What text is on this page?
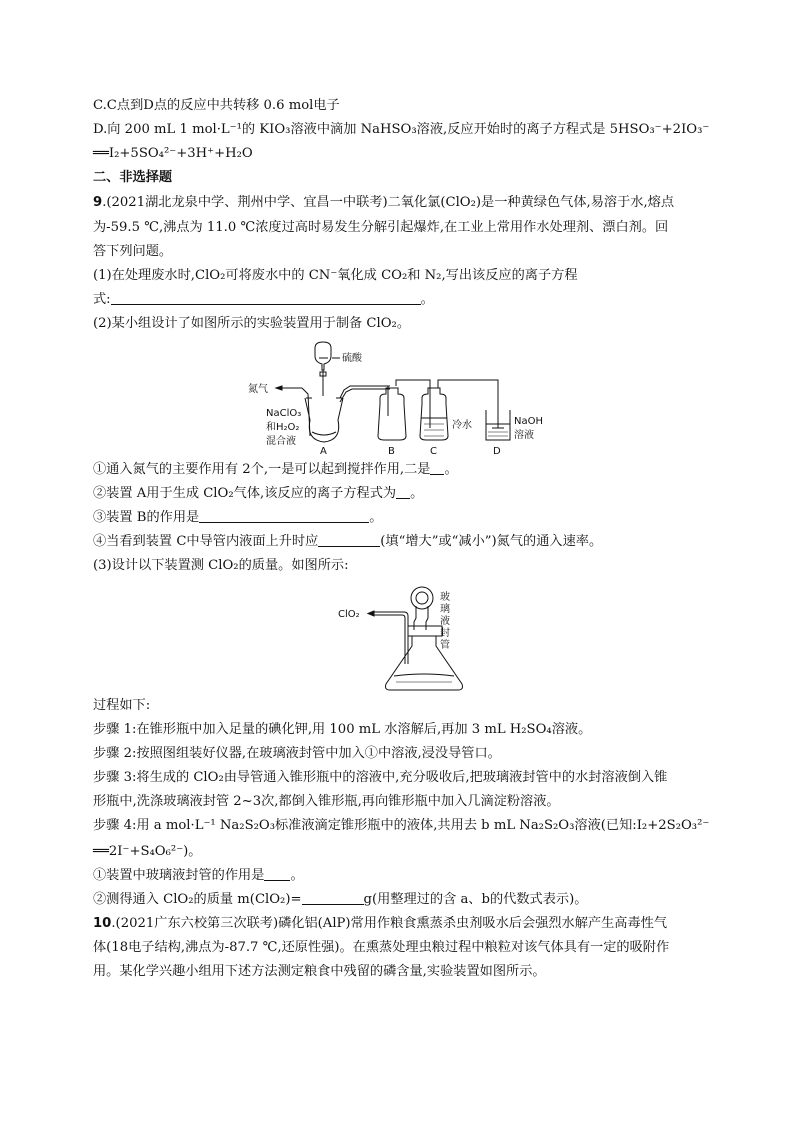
C.C点到D点的反应中共转移 0.6 mol电子
D.向 200 mL 1 mol·L⁻¹的 KIO₃溶液中滴加 NaHSO₃溶液,反应开始时的离子方程式是 5HSO₃⁻+2IO₃⁻
══I₂+5SO₄²⁻+3H⁺+H₂O
二、非选择题
9.(2021湖北龙泉中学、荆州中学、宜昌一中联考)二氧化氯(ClO₂)是一种黄绿色气体,易溶于水,熔点
为-59.5 ℃,沸点为 11.0 ℃浓度过高时易发生分解引起爆炸,在工业上常用作水处理剂、漂白剂。回
答下列问题。
(1)在处理废水时,ClO₂可将废水中的 CN⁻氧化成 CO₂和 N₂,写出该反应的离子方程
式:	。
(2)某小组设计了如图所示的实验装置用于制备 ClO₂。
硫酸
氮气
NaClO₃
和H₂O₂
混合液
A	B	C
冷水
D
NaOH
溶液
①通入氮气的主要作用有 2个,一是可以起到搅拌作用,二是 。
②装置 A用于生成 ClO₂气体,该反应的离子方程式为 。
③装置 B的作用是	。
④当看到装置 C中导管内液面上升时应	(填“增大”或“减小”)氮气的通入速率。
(3)设计以下装置测 ClO₂的质量。如图所示:
ClO₂
玻
璃
液
封
管
过程如下:
步骤 1:在锥形瓶中加入足量的碘化钾,用 100 mL 水溶解后,再加 3 mL H₂SO₄溶液。
步骤 2:按照图组装好仪器,在玻璃液封管中加入①中溶液,浸没导管口。
步骤 3:将生成的 ClO₂由导管通入锥形瓶中的溶液中,充分吸收后,把玻璃液封管中的水封溶液倒入锥
形瓶中,洗涤玻璃液封管 2~3次,都倒入锥形瓶,再向锥形瓶中加入几滴淀粉溶液。
步骤 4:用 a mol·L⁻¹ Na₂S₂O₃标准液滴定锥形瓶中的液体,共用去 b mL Na₂S₂O₃溶液(已知:I₂+2S₂O₃²⁻
══2I⁻+S₄O₆²⁻)。
①装置中玻璃液封管的作用是 。
②测得通入 ClO₂的质量 m(ClO₂)=	g(用整理过的含 a、b的代数式表示)。
10.(2021广东六校第三次联考)磷化铝(AlP)常用作粮食熏蒸杀虫剂吸水后会强烈水解产生高毒性气
体(18电子结构,沸点为-87.7 ℃,还原性强)。在熏蒸处理虫粮过程中粮粒对该气体具有一定的吸附作
用。某化学兴趣小组用下述方法测定粮食中残留的磷含量,实验装置如图所示。
